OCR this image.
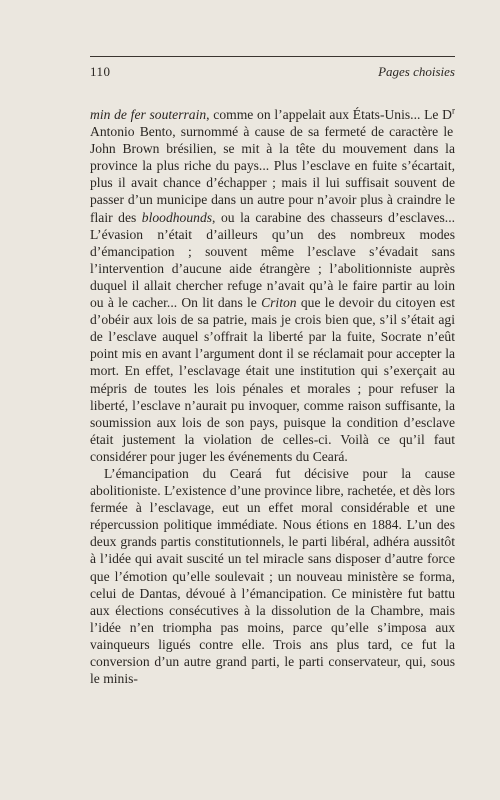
110	Pages choisies

min de fer souterrain, comme on l’appelait aux États-Unis... Le $D^r$ Antonio Bento, surnommé à cause de sa fermeté de caractère le John Brown brésilien, se mit à la tête du mouvement dans la province la plus riche du pays... Plus l’esclave en fuite s’écartait, plus il avait chance d’échapper ; mais il lui suffisait souvent de passer d’un municipe dans un autre pour n’avoir plus à craindre le flair des bloodhounds, ou la carabine des chasseurs d’esclaves... L’évasion n’était d’ailleurs qu’un des nombreux modes d’émancipation ; souvent même l’esclave s’évadait sans l’intervention d’aucune aide étrangère ; l’abolitionniste auprès duquel il allait chercher refuge n’avait qu’à le faire partir au loin ou à le cacher... On lit dans le Criton que le devoir du citoyen est d’obéir aux lois de sa patrie, mais je crois bien que, s’il s’était agi de l’esclave auquel s’offrait la liberté par la fuite, Socrate n’eût point mis en avant l’argument dont il se réclamait pour accepter la mort. En effet, l’esclavage était une institution qui s’exerçait au mépris de toutes les lois pénales et morales ; pour refuser la liberté, l’esclave n’aurait pu invoquer, comme raison suffisante, la soumission aux lois de son pays, puisque la condition d’esclave était justement la violation de celles-ci. Voilà ce qu’il faut considérer pour juger les événements du Ceará.

L’émancipation du Ceará fut décisive pour la cause abolitioniste. L’existence d’une province libre, rachetée, et dès lors fermée à l’esclavage, eut un effet moral considérable et une répercussion politique immédiate. Nous étions en 1884. L’un des deux grands partis constitutionnels, le parti libéral, adhéra aussitôt à l’idée qui avait suscité un tel miracle sans disposer d’autre force que l’émotion qu’elle soulevait ; un nouveau ministère se forma, celui de Dantas, dévoué à l’émancipation. Ce ministère fut battu aux élections consécutives à la dissolution de la Chambre, mais l’idée n’en triompha pas moins, parce qu’elle s’imposa aux vainqueurs ligués contre elle. Trois ans plus tard, ce fut la conversion d’un autre grand parti, le parti conservateur, qui, sous le minis-
